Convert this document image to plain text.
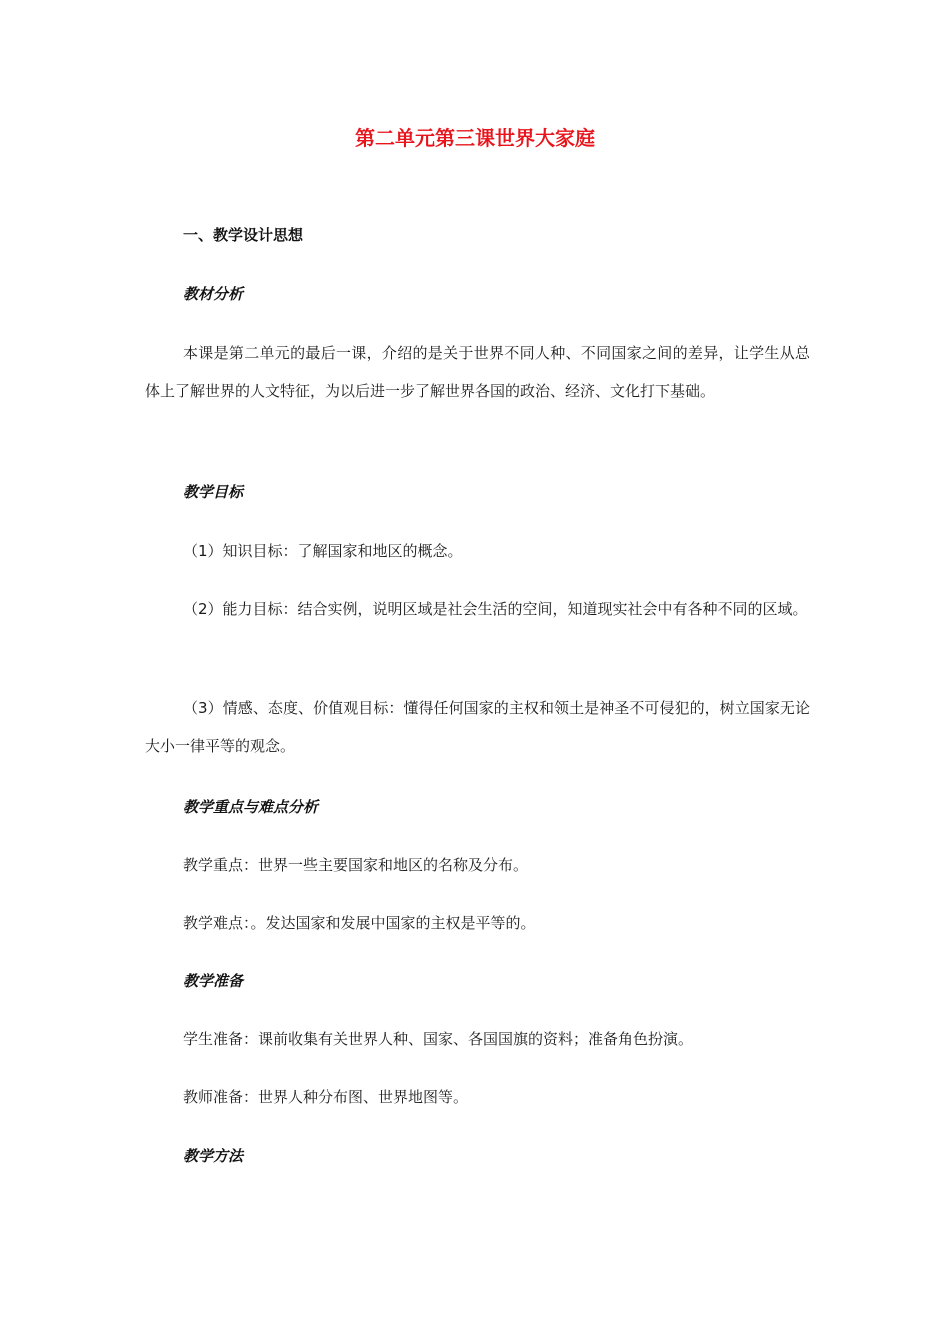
第二单元第三课世界大家庭
一、教学设计思想
教材分析

本课是第二单元的最后一课，介绍的是关于世界不同人种、不同国家之间的差异，让学生从总体上了解世界的人文特征，为以后进一步了解世界各国的政治、经济、文化打下基础。

教学目标
（1）知识目标：了解国家和地区的概念。

（2）能力目标：结合实例，说明区域是社会生活的空间，知道现实社会中有各种不同的区域。

（3）情感、态度、价值观目标：懂得任何国家的主权和领土是神圣不可侵犯的，树立国家无论大小一律平等的观念。

教学重点与难点分析
教学重点：世界一些主要国家和地区的名称及分布。
教学难点：。发达国家和发展中国家的主权是平等的。
教学准备
学生准备：课前收集有关世界人种、国家、各国国旗的资料；准备角色扮演。
教师准备：世界人种分布图、世界地图等。
教学方法
